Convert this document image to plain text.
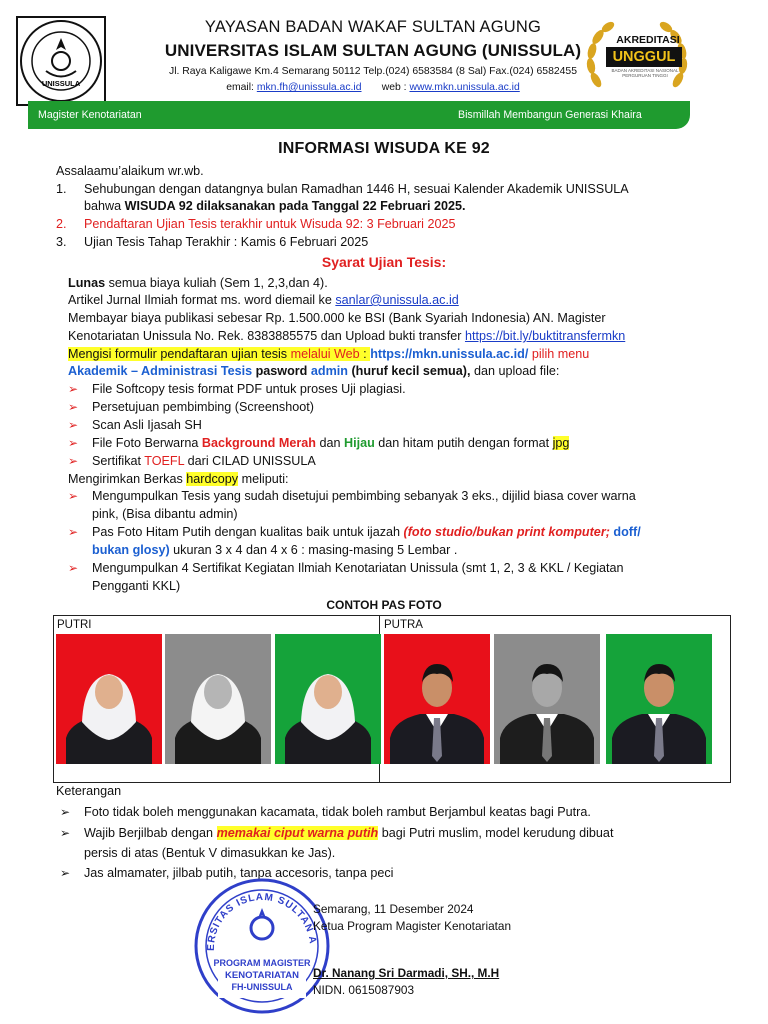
UNISSULA
YAYASAN BADAN WAKAF SULTAN AGUNG
UNIVERSITAS ISLAM SULTAN AGUNG (UNISSULA)
Jl. Raya Kaligawe Km.4 Semarang 50112 Telp.(024) 6583584 (8 Sal) Fax.(024) 6582455
email: mkn.fh@unissula.ac.id web : www.mkn.unissula.ac.id
AKREDITASI
UNGGUL
BADAN AKREDITASI NASIONAL PERGURUAN TINGGI
Magister Kenotariatan	Bismillah Membangun Generasi Khaira
INFORMASI WISUDA KE 92
Assalaamu’alaikum wr.wb.
1. Sehubungan dengan datangnya bulan Ramadhan 1446 H, sesuai Kalender Akademik UNISSULA
bahwa WISUDA 92 dilaksanakan pada Tanggal 22 Februari 2025.
2. Pendaftaran Ujian Tesis terakhir untuk Wisuda 92: 3 Februari 2025
3. Ujian Tesis Tahap Terakhir : Kamis 6 Februari 2025
Syarat Ujian Tesis:
Lunas semua biaya kuliah (Sem 1, 2,3,dan 4).
Artikel Jurnal Ilmiah format ms. word diemail ke sanlar@unissula.ac.id
Membayar biaya publikasi sebesar Rp. 1.500.000 ke BSI (Bank Syariah Indonesia) AN. Magister
Kenotariatan Unissula No. Rek. 8383885575 dan Upload bukti transfer https://bit.ly/buktitransfermkn
Mengisi formulir pendaftaran ujian tesis melalui Web : https://mkn.unissula.ac.id/ pilih menu
Akademik – Administrasi Tesis pasword admin (huruf kecil semua), dan upload file:
➢ File Softcopy tesis format PDF untuk proses Uji plagiasi.
➢ Persetujuan pembimbing (Screenshoot)
➢ Scan Asli Ijasah SH
➢ File Foto Berwarna Background Merah dan Hijau dan hitam putih dengan format jpg
➢ Sertifikat TOEFL dari CILAD UNISSULA
Mengirimkan Berkas hardcopy meliputi:
➢ Mengumpulkan Tesis yang sudah disetujui pembimbing sebanyak 3 eks., dijilid biasa cover warna
pink, (Bisa dibantu admin)
➢ Pas Foto Hitam Putih dengan kualitas baik untuk ijazah (foto studio/bukan print komputer; doff/
bukan glosy) ukuran 3 x 4 dan 4 x 6 : masing-masing 5 Lembar .
➢ Mengumpulkan 4 Sertifikat Kegiatan Ilmiah Kenotariatan Unissula (smt 1, 2, 3 & KKL / Kegiatan
Pengganti KKL)
CONTOH PAS FOTO
PUTRI	PUTRA
Keterangan
➢ Foto tidak boleh menggunakan kacamata, tidak boleh rambut Berjambul keatas bagi Putra.
➢ Wajib Berjilbab dengan memakai ciput warna putih bagi Putri muslim, model kerudung dibuat
persis di atas (Bentuk V dimasukkan ke Jas).
➢ Jas almamater, jilbab putih, tanpa accesoris, tanpa peci
ERSITAS ISLAM SULTAN A
PROGRAM MAGISTER
KENOTARIATAN
FH-UNISSULA
Semarang, 11 Desember 2024
Ketua Program Magister Kenotariatan
Dr. Nanang Sri Darmadi, SH., M.H
NIDN. 0615087903
